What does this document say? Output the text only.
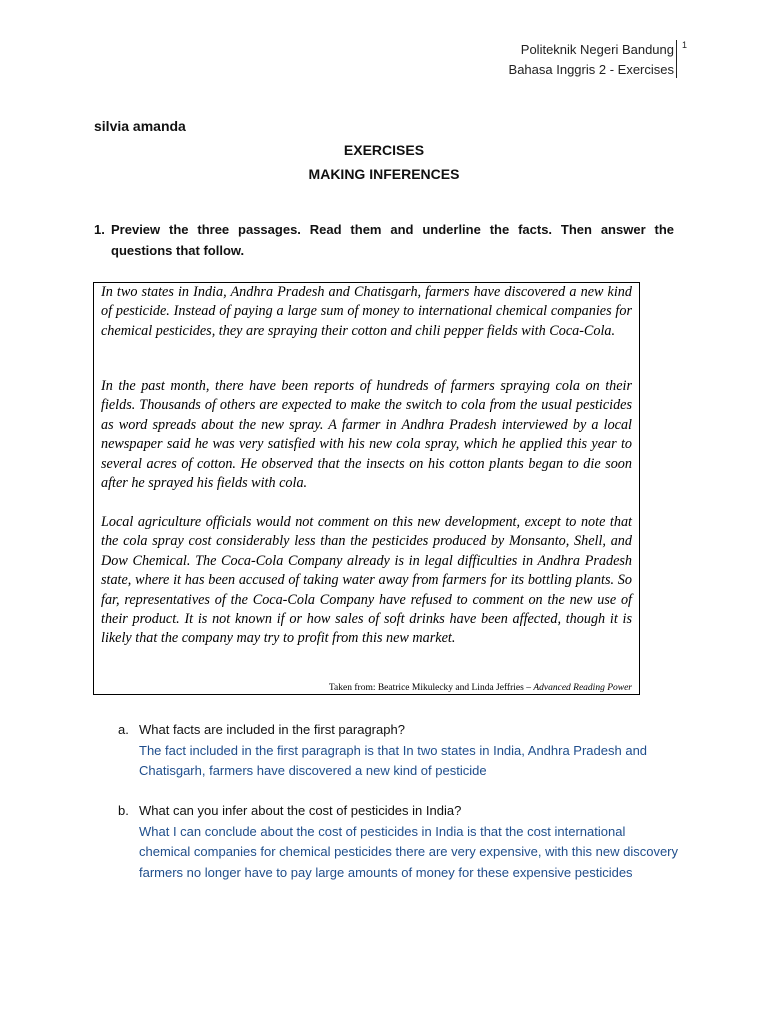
Politeknik Negeri Bandung
Bahasa Inggris 2 - Exercises
1
silvia amanda
EXERCISES
MAKING INFERENCES
1. Preview the three passages. Read them and underline the facts. Then answer the questions that follow.

In two states in India, Andhra Pradesh and Chatisgarh, farmers have discovered a new kind of pesticide. Instead of paying a large sum of money to international chemical companies for chemical pesticides, they are spraying their cotton and chili pepper fields with Coca-Cola.

In the past month, there have been reports of hundreds of farmers spraying cola on their fields. Thousands of others are expected to make the switch to cola from the usual pesticides as word spreads about the new spray. A farmer in Andhra Pradesh interviewed by a local newspaper said he was very satisfied with his new cola spray, which he applied this year to several acres of cotton. He observed that the insects on his cotton plants began to die soon after he sprayed his fields with cola.

Local agriculture officials would not comment on this new development, except to note that the cola spray cost considerably less than the pesticides produced by Monsanto, Shell, and Dow Chemical. The Coca-Cola Company already is in legal difficulties in Andhra Pradesh state, where it has been accused of taking water away from farmers for its bottling plants. So far, representatives of the Coca-Cola Company have refused to comment on the new use of their product. It is not known if or how sales of soft drinks have been affected, though it is likely that the company may try to profit from this new market.

Taken from: Beatrice Mikulecky and Linda Jeffries – Advanced Reading Power
a. What facts are included in the first paragraph?
The fact included in the first paragraph is that In two states in India, Andhra Pradesh and Chatisgarh, farmers have discovered a new kind of pesticide
b. What can you infer about the cost of pesticides in India?
What I can conclude about the cost of pesticides in India is that the cost international chemical companies for chemical pesticides there are very expensive, with this new discovery farmers no longer have to pay large amounts of money for these expensive pesticides
